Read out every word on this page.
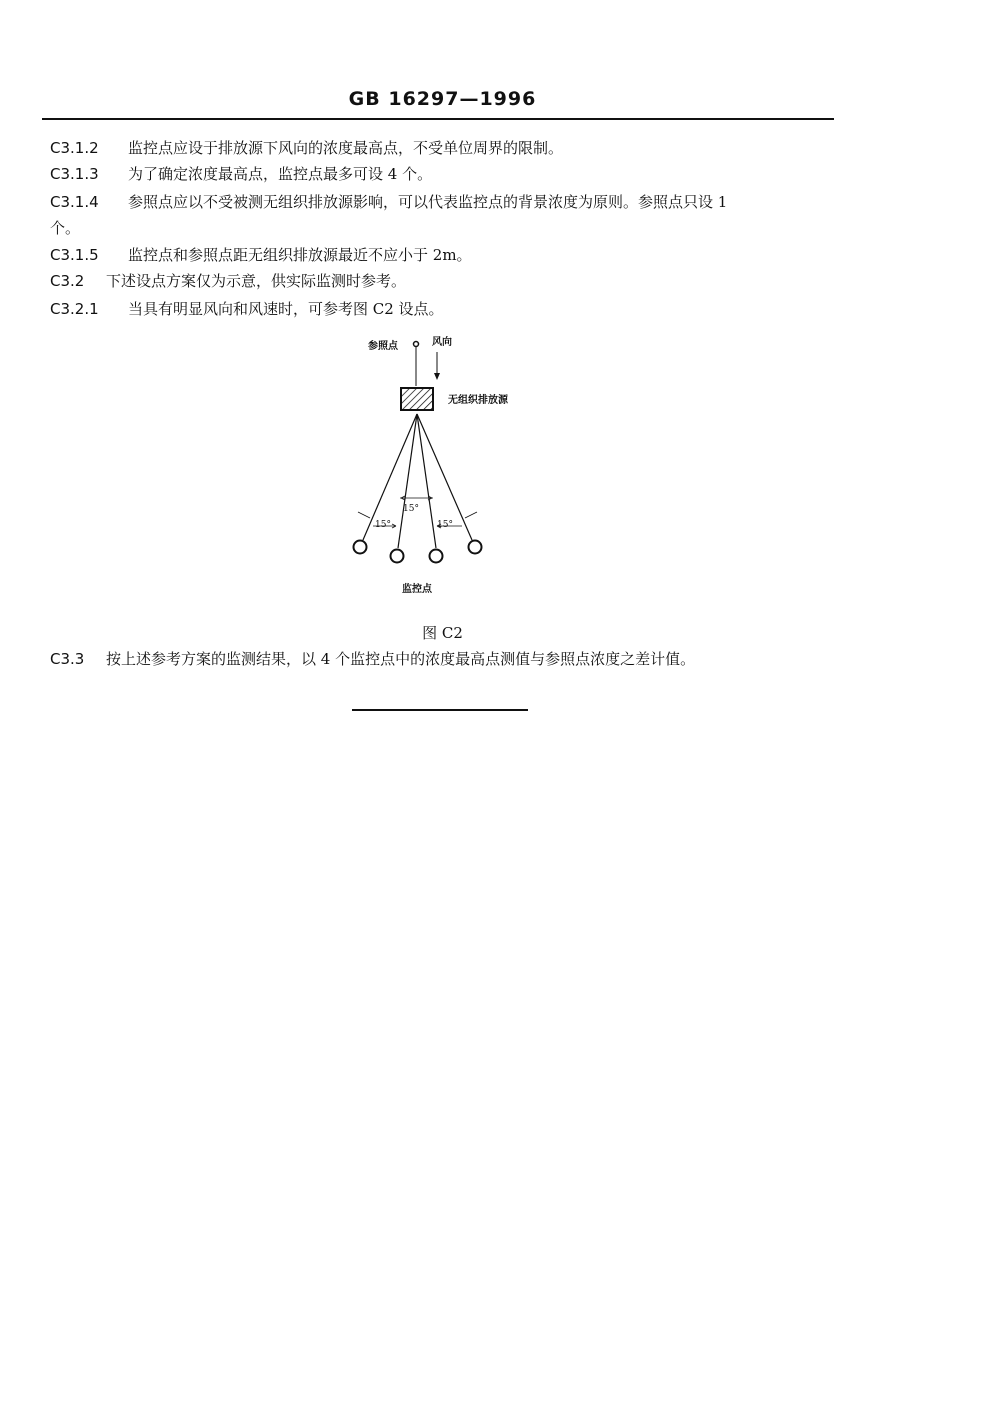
GB 16297—1996
C3.1.2 监控点应设于排放源下风向的浓度最高点，不受单位周界的限制。
C3.1.3 为了确定浓度最高点，监控点最多可设 4 个。
C3.1.4 参照点应以不受被测无组织排放源影响，可以代表监控点的背景浓度为原则。参照点只设 1
个。
C3.1.5 监控点和参照点距无组织排放源最近不应小于 2m。
C3.2 下述设点方案仅为示意，供实际监测时参考。
C3.2.1 当具有明显风向和风速时，可参考图 C2 设点。
参照点	风向
无组织排放源
15°
15°	15°
监控点
图 C2
C3.3 按上述参考方案的监测结果，以 4 个监控点中的浓度最高点测值与参照点浓度之差计值。
